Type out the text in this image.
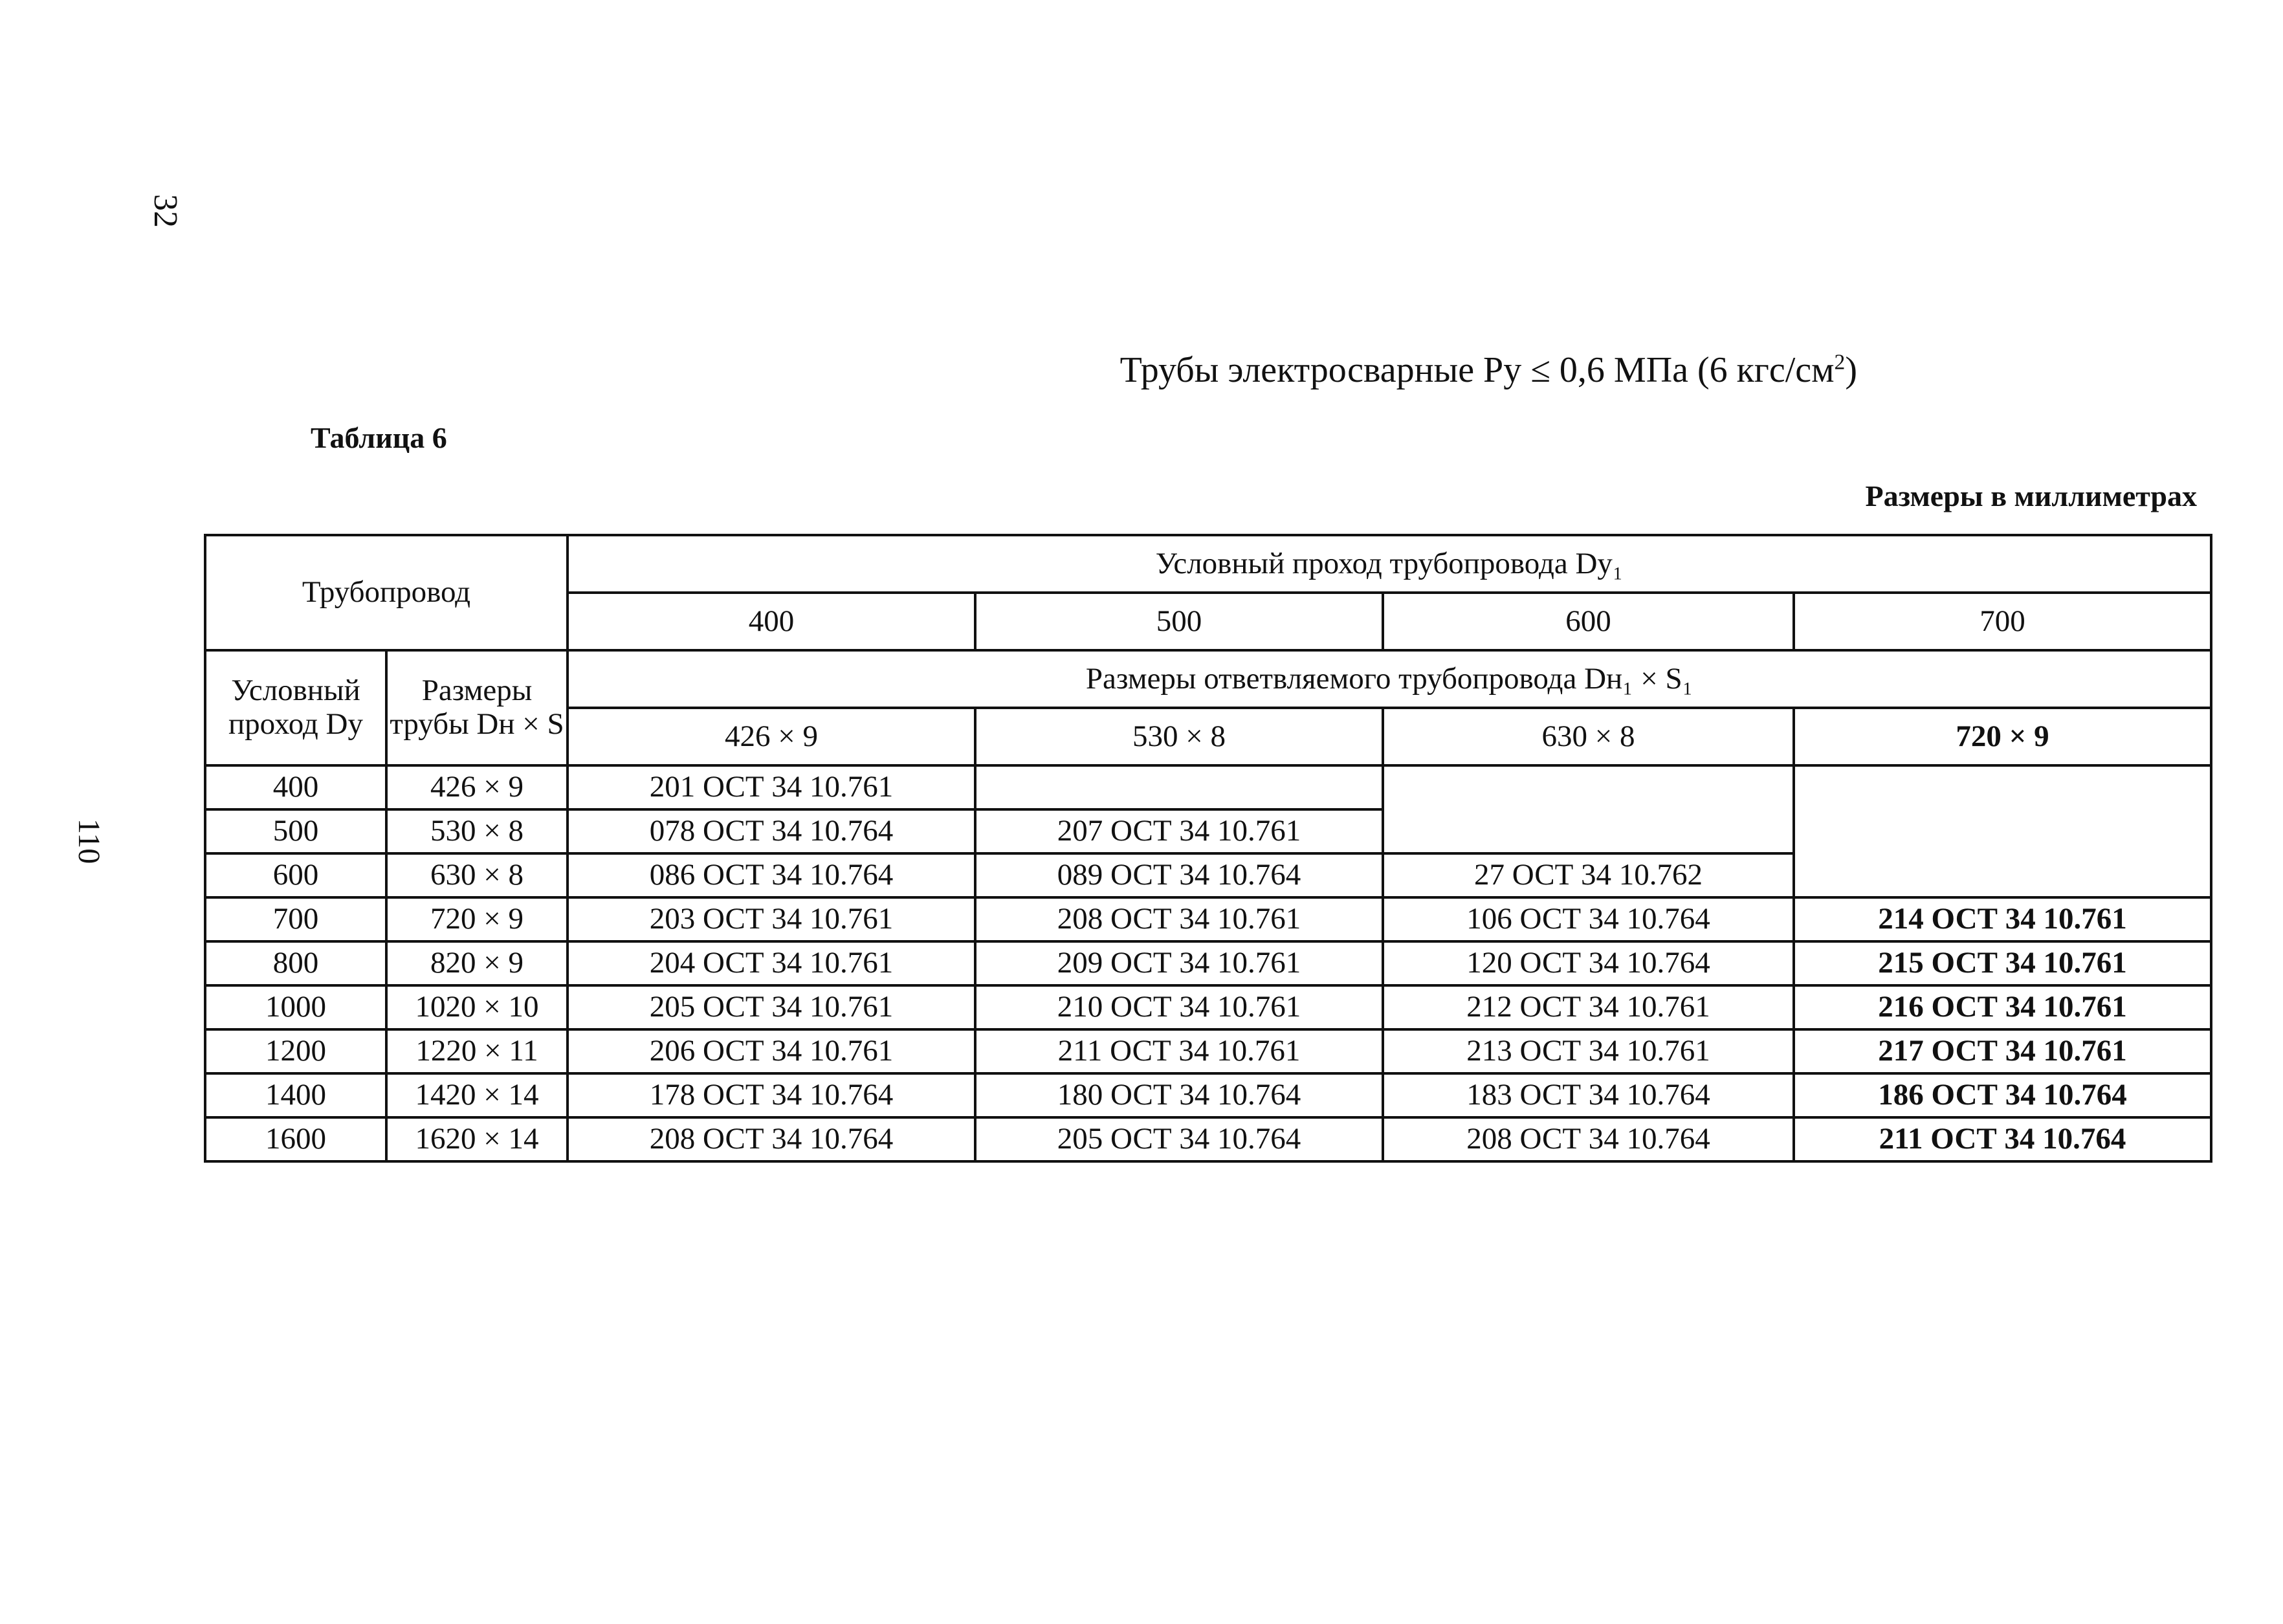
32
110
Трубы электросварные Ру ≤ 0,6 МПа (6 кгс/$см^2$)
Таблица 6
Размеры в миллиметрах
Трубопровод		Условный проход трубопровода Dу₁			
		400	500	600	700
Условный проход Dу	Размеры трубы Dн × S	Размеры ответвляемого трубопровода Dн₁ × S₁			
		426 × 9	530 × 8	630 × 8	720 × 9
400	426 × 9	201 ОСТ 34 10.761			
500	530 × 8	078 ОСТ 34 10.764	207 ОСТ 34 10.761		
600	630 × 8	086 ОСТ 34 10.764	089 ОСТ 34 10.764	27 ОСТ 34 10.762	
700	720 × 9	203 ОСТ 34 10.761	208 ОСТ 34 10.761	106 ОСТ 34 10.764	214 ОСТ 34 10.761
800	820 × 9	204 ОСТ 34 10.761	209 ОСТ 34 10.761	120 ОСТ 34 10.764	215 ОСТ 34 10.761
1000	1020 × 10	205 ОСТ 34 10.761	210 ОСТ 34 10.761	212 ОСТ 34 10.761	216 ОСТ 34 10.761
1200	1220 × 11	206 ОСТ 34 10.761	211 ОСТ 34 10.761	213 ОСТ 34 10.761	217 ОСТ 34 10.761
1400	1420 × 14	178 ОСТ 34 10.764	180 ОСТ 34 10.764	183 ОСТ 34 10.764	186 ОСТ 34 10.764
1600	1620 × 14	208 ОСТ 34 10.764	205 ОСТ 34 10.764	208 ОСТ 34 10.764	211 ОСТ 34 10.764
